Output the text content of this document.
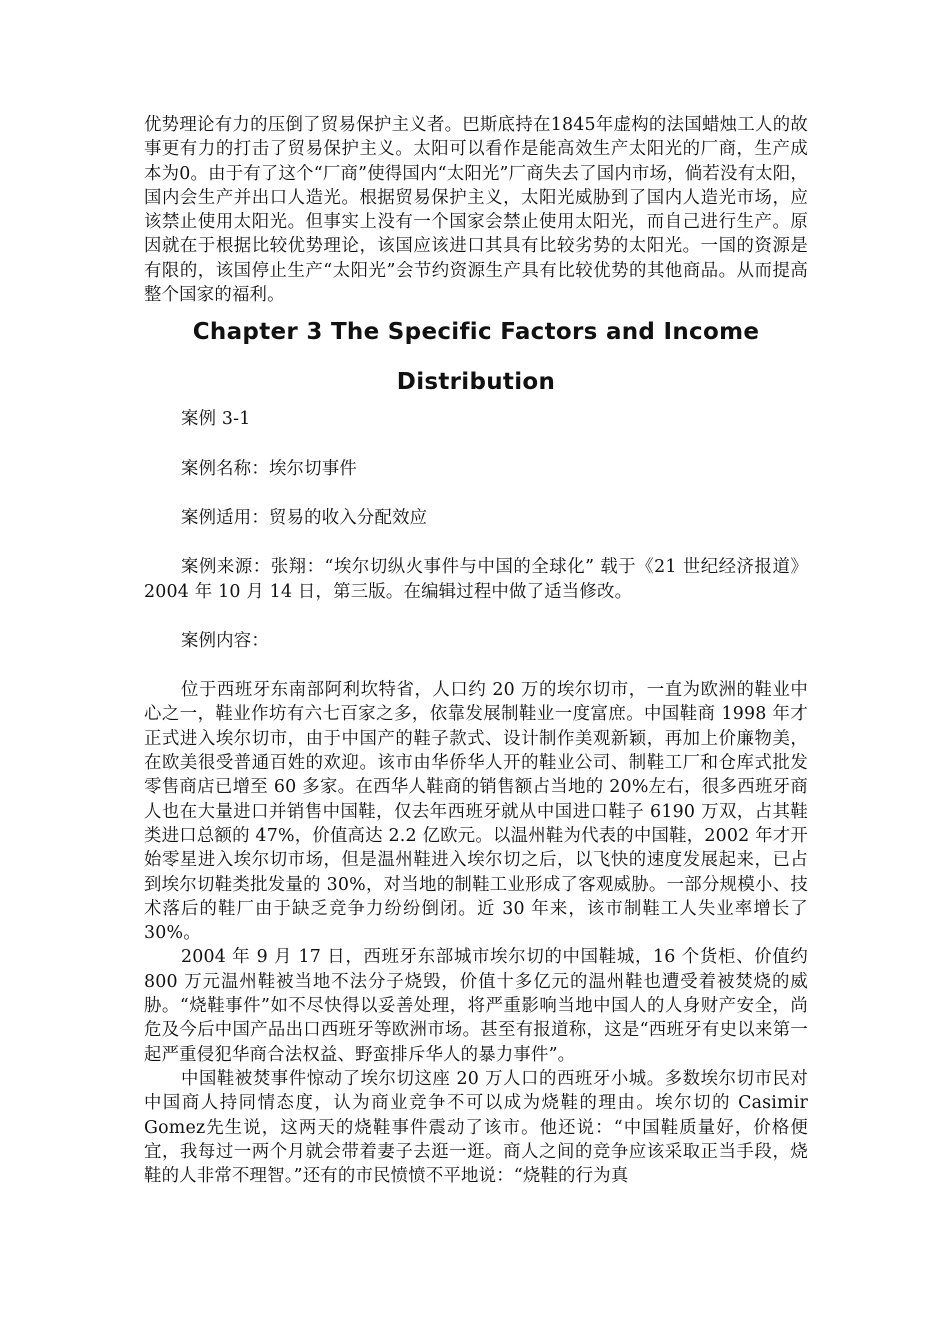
优势理论有力的压倒了贸易保护主义者。巴斯底持在1845年虚构的法国蜡烛工人的故事更有力的打击了贸易保护主义。太阳可以看作是能高效生产太阳光的厂商，生产成本为0。由于有了这个“厂商”使得国内“太阳光”厂商失去了国内市场，倘若没有太阳，国内会生产并出口人造光。根据贸易保护主义，太阳光威胁到了国内人造光市场，应该禁止使用太阳光。但事实上没有一个国家会禁止使用太阳光，而自己进行生产。原因就在于根据比较优势理论，该国应该进口其具有比较劣势的太阳光。一国的资源是有限的，该国停止生产“太阳光”会节约资源生产具有比较优势的其他商品。从而提高整个国家的福利。

Chapter 3 The Specific Factors and Income Distribution

案例 3-1

案例名称：埃尔切事件

案例适用：贸易的收入分配效应

案例来源：张翔：“埃尔切纵火事件与中国的全球化” 载于《21 世纪经济报道》 2004 年 10 月 14 日，第三版。在编辑过程中做了适当修改。

案例内容：

位于西班牙东南部阿利坎特省，人口约 20 万的埃尔切市，一直为欧洲的鞋业中心之一，鞋业作坊有六七百家之多，依靠发展制鞋业一度富庶。中国鞋商 1998 年才正式进入埃尔切市，由于中国产的鞋子款式、设计制作美观新颖，再加上价廉物美，在欧美很受普通百姓的欢迎。该市由华侨华人开的鞋业公司、制鞋工厂和仓库式批发零售商店已增至 60 多家。在西华人鞋商的销售额占当地的 20%左右，很多西班牙商人也在大量进口并销售中国鞋，仅去年西班牙就从中国进口鞋子 6190 万双，占其鞋类进口总额的 47%，价值高达 2.2 亿欧元。以温州鞋为代表的中国鞋，2002 年才开始零星进入埃尔切市场，但是温州鞋进入埃尔切之后，以飞快的速度发展起来，已占到埃尔切鞋类批发量的 30%，对当地的制鞋工业形成了客观威胁。一部分规模小、技术落后的鞋厂由于缺乏竞争力纷纷倒闭。近 30 年来，该市制鞋工人失业率增长了 30%。

2004 年 9 月 17 日，西班牙东部城市埃尔切的中国鞋城，16 个货柜、价值约 800 万元温州鞋被当地不法分子烧毁，价值十多亿元的温州鞋也遭受着被焚烧的威胁。“烧鞋事件”如不尽快得以妥善处理，将严重影响当地中国人的人身财产安全，尚危及今后中国产品出口西班牙等欧洲市场。甚至有报道称，这是“西班牙有史以来第一起严重侵犯华商合法权益、野蛮排斥华人的暴力事件”。

中国鞋被焚事件惊动了埃尔切这座 20 万人口的西班牙小城。多数埃尔切市民对中国商人持同情态度，认为商业竞争不可以成为烧鞋的理由。埃尔切的 Casimir Gomez先生说，这两天的烧鞋事件震动了该市。他还说：“中国鞋质量好，价格便宜，我每过一两个月就会带着妻子去逛一逛。商人之间的竞争应该采取正当手段，烧鞋的人非常不理智。”还有的市民愤愤不平地说：“烧鞋的行为真
